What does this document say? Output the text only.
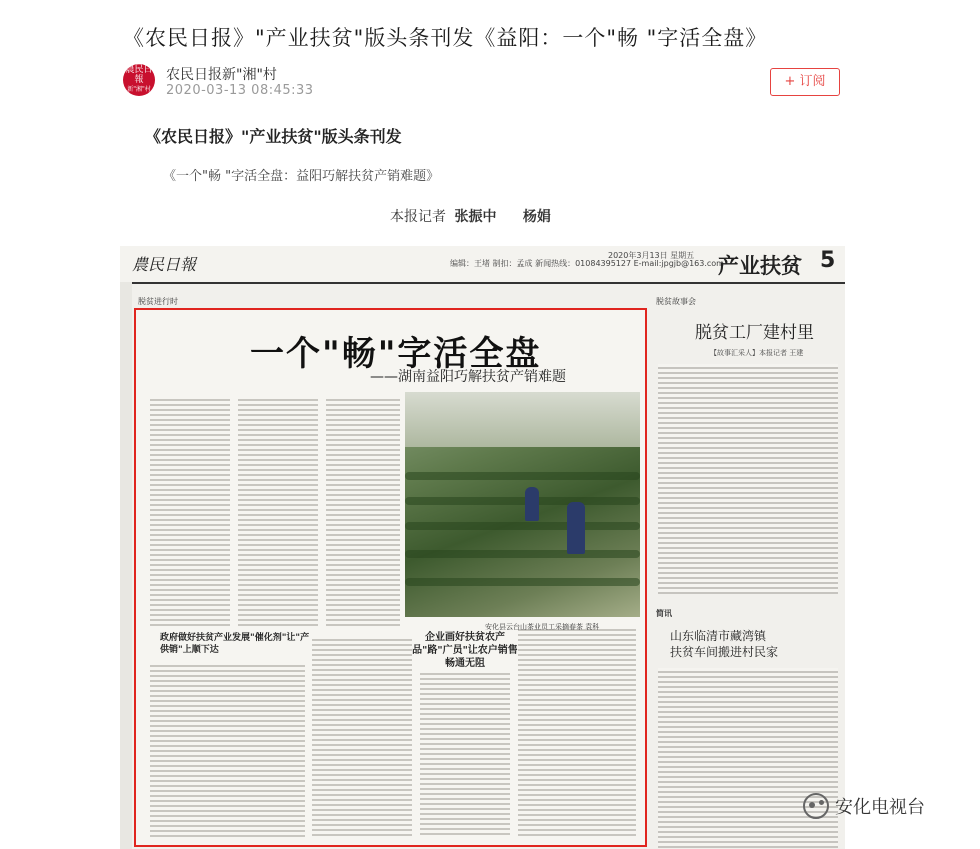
《农民日报》"产业扶贫"版头条刊发《益阳：一个"畅 "字活全盘》
農民日報
新"湘"村
农民日报新"湘"村
2020-03-13 08:45:33
+ 订阅
《农民日报》"产业扶贫"版头条刊发
《一个"畅 "字活全盘：益阳巧解扶贫产销难题》
本报记者 张振中 杨娟
農民日報	编辑：王堵 制扣：孟成 新闻热线：01084395127 E-mail:jpgjb@163.com
2020年3月13日 星期五 产业扶贫 5
脱贫进行时
一个"畅"字活全盘
——湖南益阳巧解扶贫产销难题
安化县云台山茶业员工采摘春茶 袁科
企业画好扶贫农产品"路"广员"让农户销售畅通无阻
政府做好扶贫产业发展"催化剂"让"产供销"上顺下达
脱贫故事会
脱贫工厂建村里
【故事汇采人】本报记者 王建
简讯
山东临清市藏湾镇
扶贫车间搬进村民家
安化电视台
